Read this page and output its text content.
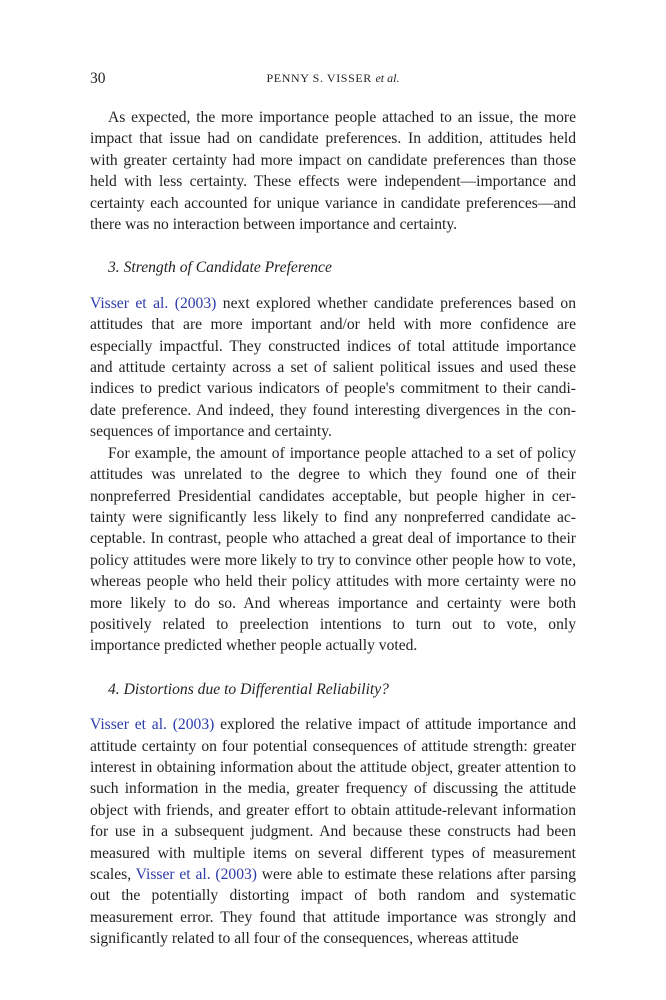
30	PENNY S. VISSER et al.

As expected, the more importance people attached to an issue, the more impact that issue had on candidate preferences. In addition, attitudes held with greater certainty had more impact on candidate preferences than those held with less certainty. These effects were independent—importance and certainty each accounted for unique variance in candidate preferences—and there was no interaction between importance and certainty.

3. Strength of Candidate Preference

Visser et al. (2003) next explored whether candidate preferences based on attitudes that are more important and/or held with more confidence are especially impactful. They constructed indices of total attitude importance and attitude certainty across a set of salient political issues and used these indices to predict various indicators of people's commitment to their candidate preference. And indeed, they found interesting divergences in the consequences of importance and certainty.

For example, the amount of importance people attached to a set of policy attitudes was unrelated to the degree to which they found one of their nonpreferred Presidential candidates acceptable, but people higher in certainty were significantly less likely to find any nonpreferred candidate acceptable. In contrast, people who attached a great deal of importance to their policy attitudes were more likely to try to convince other people how to vote, whereas people who held their policy attitudes with more certainty were no more likely to do so. And whereas importance and certainty were both positively related to preelection intentions to turn out to vote, only importance predicted whether people actually voted.

4. Distortions due to Differential Reliability?

Visser et al. (2003) explored the relative impact of attitude importance and attitude certainty on four potential consequences of attitude strength: greater interest in obtaining information about the attitude object, greater attention to such information in the media, greater frequency of discussing the attitude object with friends, and greater effort to obtain attitude-relevant information for use in a subsequent judgment. And because these constructs had been measured with multiple items on several different types of measurement scales, Visser et al. (2003) were able to estimate these relations after parsing out the potentially distorting impact of both random and systematic measurement error. They found that attitude importance was strongly and significantly related to all four of the consequences, whereas attitude
